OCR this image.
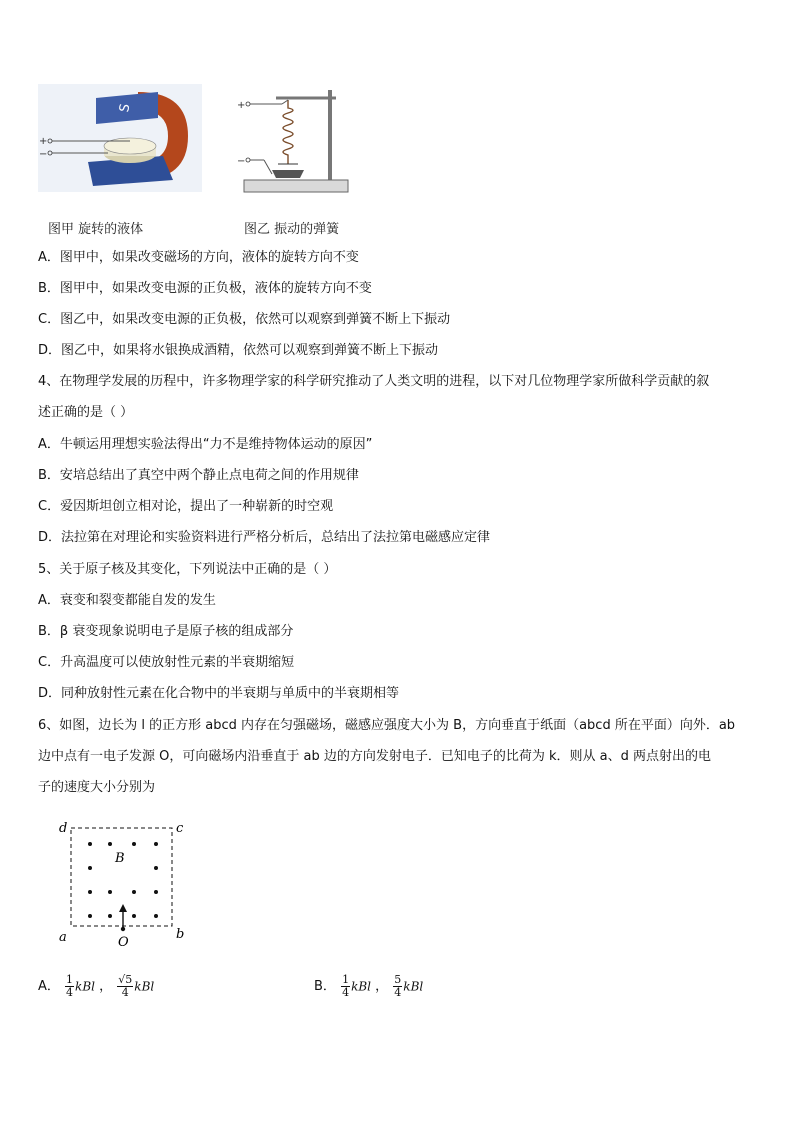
S
+
−
+
−
图甲 旋转的液体	图乙 振动的弹簧
A．图甲中，如果改变磁场的方向，液体的旋转方向不变
B．图甲中，如果改变电源的正负极，液体的旋转方向不变
C．图乙中，如果改变电源的正负极，依然可以观察到弹簧不断上下振动
D．图乙中，如果将水银换成酒精，依然可以观察到弹簧不断上下振动
4、在物理学发展的历程中，许多物理学家的科学研究推动了人类文明的进程，以下对几位物理学家所做科学贡献的叙
述正确的是（ ）
A．牛顿运用理想实验法得出“力不是维持物体运动的原因”
B．安培总结出了真空中两个静止点电荷之间的作用规律
C．爱因斯坦创立相对论，提出了一种崭新的时空观
D．法拉第在对理论和实验资料进行严格分析后，总结出了法拉第电磁感应定律
5、关于原子核及其变化，下列说法中正确的是（ ）
A．衰变和裂变都能自发的发生
B．β 衰变现象说明电子是原子核的组成部分
C．升高温度可以使放射性元素的半衰期缩短
D．同种放射性元素在化合物中的半衰期与单质中的半衰期相等
6、如图，边长为 l 的正方形 abcd 内存在匀强磁场，磁感应强度大小为 B，方向垂直于纸面（abcd 所在平面）向外．ab
边中点有一电子发源 O，可向磁场内沿垂直于 ab 边的方向发射电子．已知电子的比荷为 k．则从 a、d 两点射出的电
子的速度大小分别为
d	c
B
a	b
O
A． $\frac{1}{4}$ kBl ， $\frac{√5}{4}$ kBl	B． $\frac{1}{4}$ kBl ， $\frac{5}{4}$ kBl
